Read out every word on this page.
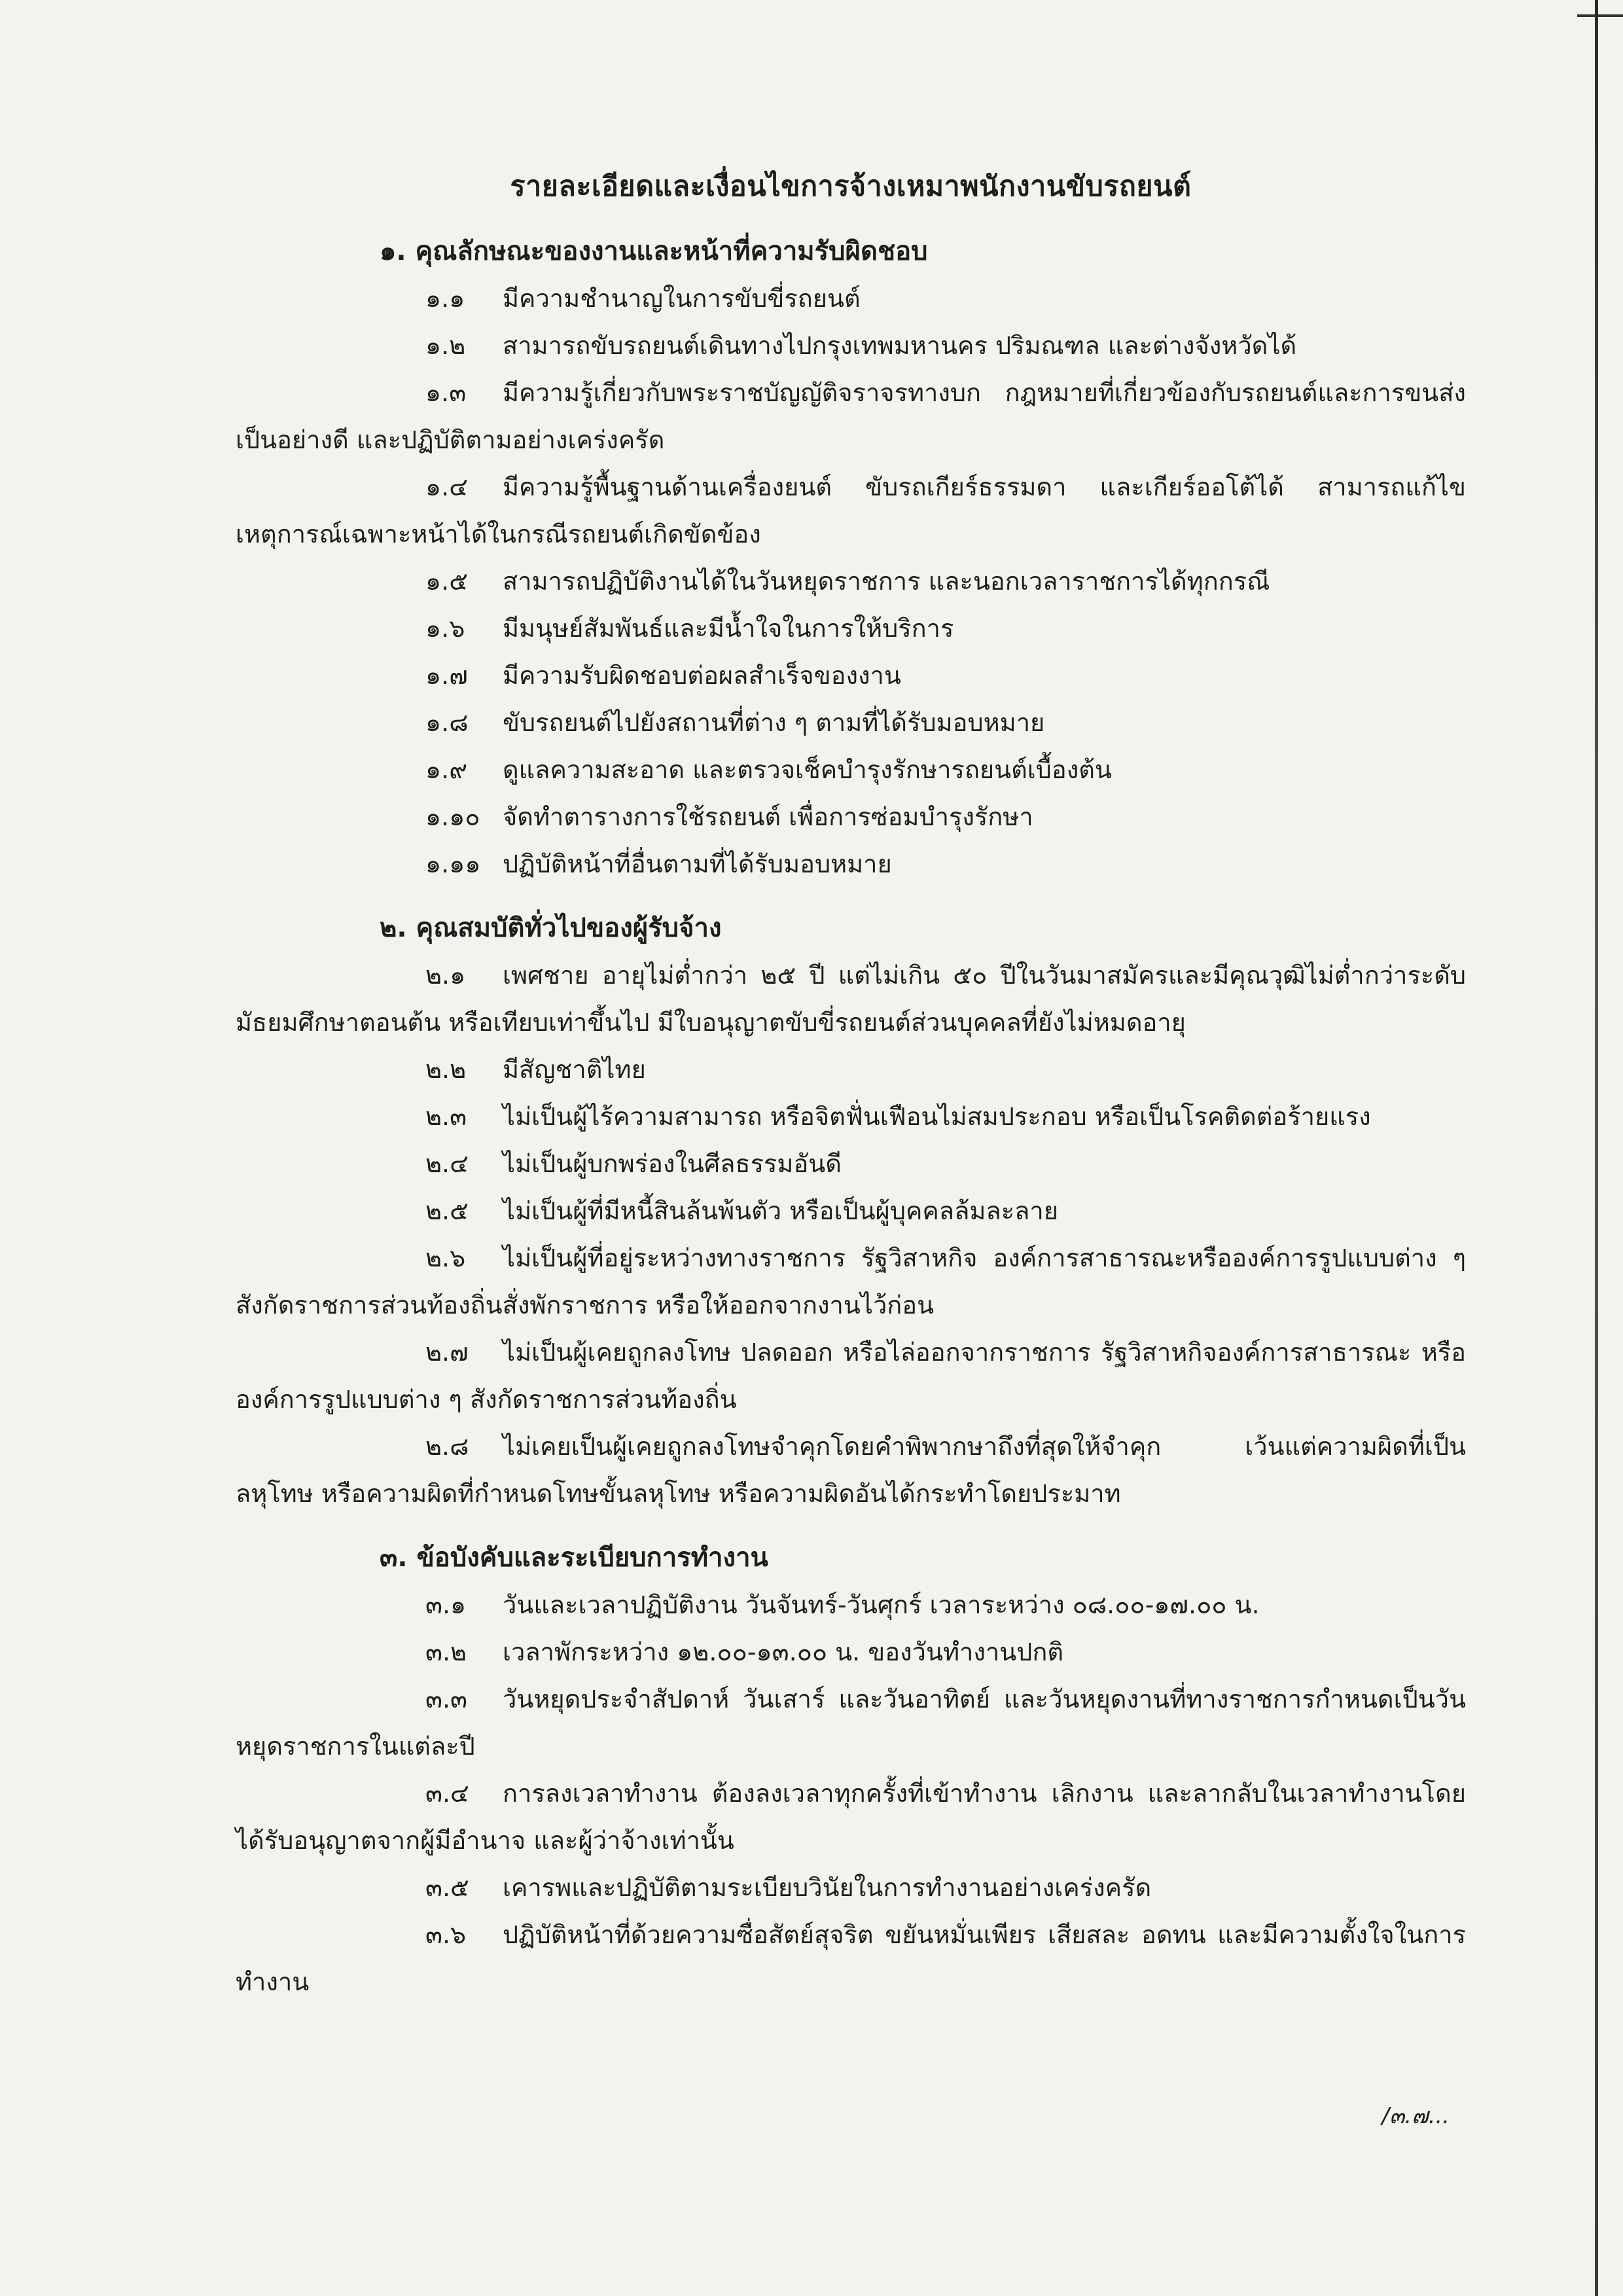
รายละเอียดและเงื่อนไขการจ้างเหมาพนักงานขับรถยนต์

๑. คุณลักษณะของงานและหน้าที่ความรับผิดชอบ

๑.๑ มีความชำนาญในการขับขี่รถยนต์

๑.๒ สามารถขับรถยนต์เดินทางไปกรุงเทพมหานคร ปริมณฑล และต่างจังหวัดได้

๑.๓ มีความรู้เกี่ยวกับพระราชบัญญัติจราจรทางบก กฎหมายที่เกี่ยวข้องกับรถยนต์และการขนส่งเป็นอย่างดี และปฏิบัติตามอย่างเคร่งครัด

๑.๔ มีความรู้พื้นฐานด้านเครื่องยนต์ ขับรถเกียร์ธรรมดา และเกียร์ออโต้ได้ สามารถแก้ไขเหตุการณ์เฉพาะหน้าได้ในกรณีรถยนต์เกิดขัดข้อง

๑.๕ สามารถปฏิบัติงานได้ในวันหยุดราชการ และนอกเวลาราชการได้ทุกกรณี

๑.๖ มีมนุษย์สัมพันธ์และมีน้ำใจในการให้บริการ

๑.๗ มีความรับผิดชอบต่อผลสำเร็จของงาน

๑.๘ ขับรถยนต์ไปยังสถานที่ต่าง ๆ ตามที่ได้รับมอบหมาย

๑.๙ ดูแลความสะอาด และตรวจเช็คบำรุงรักษารถยนต์เบื้องต้น

๑.๑๐ จัดทำตารางการใช้รถยนต์ เพื่อการซ่อมบำรุงรักษา

๑.๑๑ ปฏิบัติหน้าที่อื่นตามที่ได้รับมอบหมาย

๒. คุณสมบัติทั่วไปของผู้รับจ้าง

๒.๑ เพศชาย อายุไม่ต่ำกว่า ๒๕ ปี แต่ไม่เกิน ๕๐ ปีในวันมาสมัครและมีคุณวุฒิไม่ต่ำกว่าระดับมัธยมศึกษาตอนต้น หรือเทียบเท่าขึ้นไป มีใบอนุญาตขับขี่รถยนต์ส่วนบุคคลที่ยังไม่หมดอายุ

๒.๒ มีสัญชาติไทย

๒.๓ ไม่เป็นผู้ไร้ความสามารถ หรือจิตฟั่นเฟือนไม่สมประกอบ หรือเป็นโรคติดต่อร้ายแรง

๒.๔ ไม่เป็นผู้บกพร่องในศีลธรรมอันดี

๒.๕ ไม่เป็นผู้ที่มีหนี้สินล้นพ้นตัว หรือเป็นผู้บุคคลล้มละลาย

๒.๖ ไม่เป็นผู้ที่อยู่ระหว่างทางราชการ รัฐวิสาหกิจ องค์การสาธารณะหรือองค์การรูปแบบต่าง ๆ สังกัดราชการส่วนท้องถิ่นสั่งพักราชการ หรือให้ออกจากงานไว้ก่อน

๒.๗ ไม่เป็นผู้เคยถูกลงโทษ ปลดออก หรือไล่ออกจากราชการ รัฐวิสาหกิจองค์การสาธารณะ หรือองค์การรูปแบบต่าง ๆ สังกัดราชการส่วนท้องถิ่น

๒.๘ ไม่เคยเป็นผู้เคยถูกลงโทษจำคุกโดยคำพิพากษาถึงที่สุดให้จำคุก เว้นแต่ความผิดที่เป็นลหุโทษ หรือความผิดที่กำหนดโทษขั้นลหุโทษ หรือความผิดอันได้กระทำโดยประมาท

๓. ข้อบังคับและระเบียบการทำงาน

๓.๑ วันและเวลาปฏิบัติงาน วันจันทร์-วันศุกร์ เวลาระหว่าง ๐๘.๐๐-๑๗.๐๐ น.

๓.๒ เวลาพักระหว่าง ๑๒.๐๐-๑๓.๐๐ น. ของวันทำงานปกติ

๓.๓ วันหยุดประจำสัปดาห์ วันเสาร์ และวันอาทิตย์ และวันหยุดงานที่ทางราชการกำหนดเป็นวันหยุดราชการในแต่ละปี

๓.๔ การลงเวลาทำงาน ต้องลงเวลาทุกครั้งที่เข้าทำงาน เลิกงาน และลากลับในเวลาทำงานโดยได้รับอนุญาตจากผู้มีอำนาจ และผู้ว่าจ้างเท่านั้น

๓.๕ เคารพและปฏิบัติตามระเบียบวินัยในการทำงานอย่างเคร่งครัด

๓.๖ ปฏิบัติหน้าที่ด้วยความซื่อสัตย์สุจริต ขยันหมั่นเพียร เสียสละ อดทน และมีความตั้งใจในการทำงาน

/๓.๗...
